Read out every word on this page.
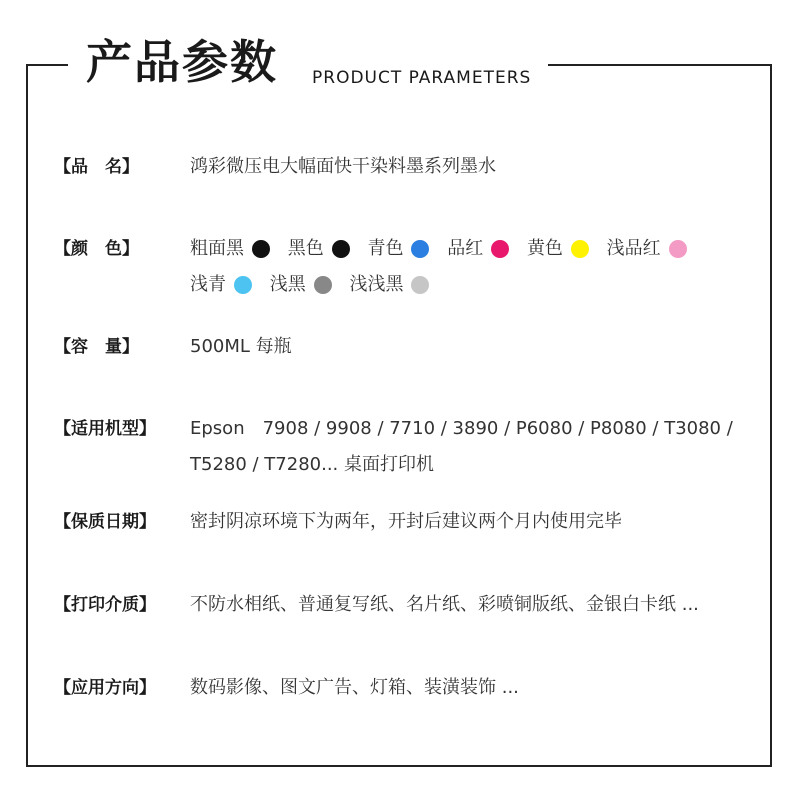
产品参数 PRODUCT PARAMETERS
【品　名】	鸿彩微压电大幅面快干染料墨系列墨水
【颜　色】	粗面黑 黑色 青色 品红 黄色 浅品红
浅青 浅黑 浅浅黑
【容　量】	500ML 每瓶
【适用机型】	Epson　7908 / 9908 / 7710 / 3890 / P6080 / P8080 / T3080 /
T5280 / T7280... 桌面打印机
【保质日期】	密封阴凉环境下为两年，开封后建议两个月内使用完毕
【打印介质】	不防水相纸、普通复写纸、名片纸、彩喷铜版纸、金银白卡纸 ...
【应用方向】	数码影像、图文广告、灯箱、装潢装饰 ...
